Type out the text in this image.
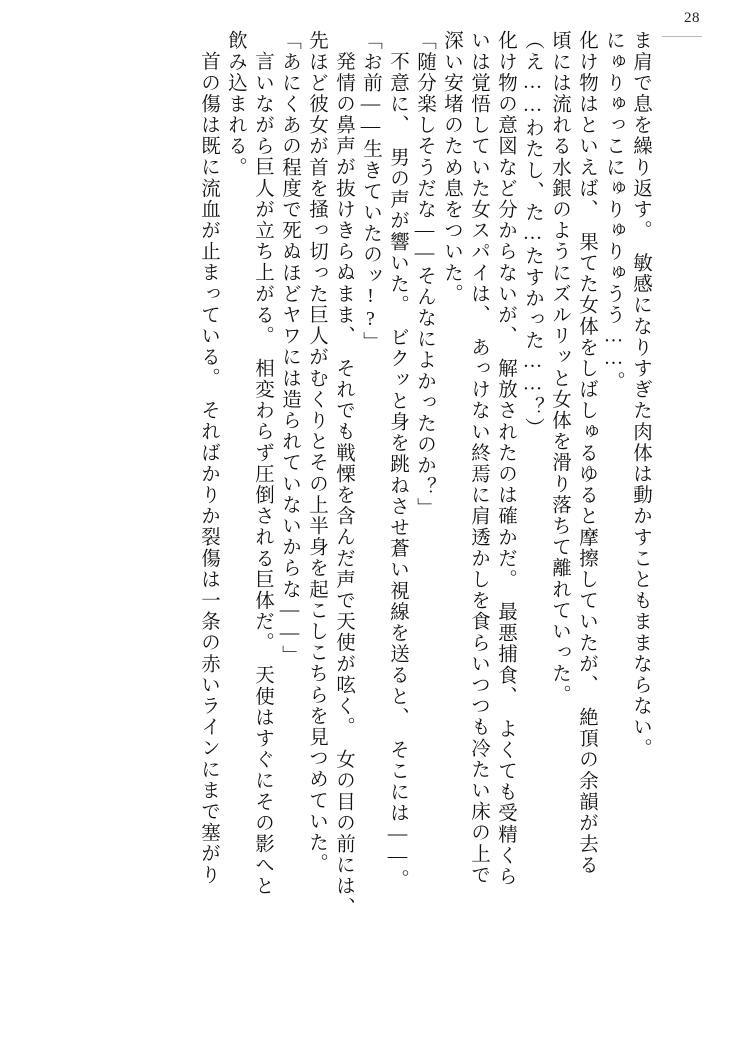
28
ま肩で息を繰り返す。　敏感になりすぎた肉体は動かすこともままならない。
にゅりゅっこにゅりゅりゅうう……。
化け物はといえば、　果てた女体をしばしゅるゆると摩擦していたが、　絶頂の余韻が去る
頃には流れる水銀のようにズルリッと女体を滑り落ちて離れていった。
（え……わたし、た…たすかった……？）
化け物の意図など分からないが、　解放されたのは確かだ。　最悪捕食、　よくても受精くら
いは覚悟していた女スパイは、　あっけない終焉に肩透かしを食らいつつも冷たい床の上で
深い安堵のため息をついた。
「随分楽しそうだな――そんなによかったのか？」
不意に、　男の声が響いた。　ビクッと身を跳ねさせ蒼い視線を送ると、　そこには――。
「お前――生きていたのッ!?」
発情の鼻声が抜けきらぬまま、　それでも戦慄を含んだ声で天使が呟く。　女の目の前には、
先ほど彼女が首を掻っ切った巨人がむくりとその上半身を起こしこちらを見つめていた。
「あにくあの程度で死ぬほどヤワには造られていないからな――」
言いながら巨人が立ち上がる。　相変わらず圧倒される巨体だ。　天使はすぐにその影へと
飲み込まれる。
首の傷は既に流血が止まっている。　そればかりか裂傷は一条の赤いラインにまで塞がり
